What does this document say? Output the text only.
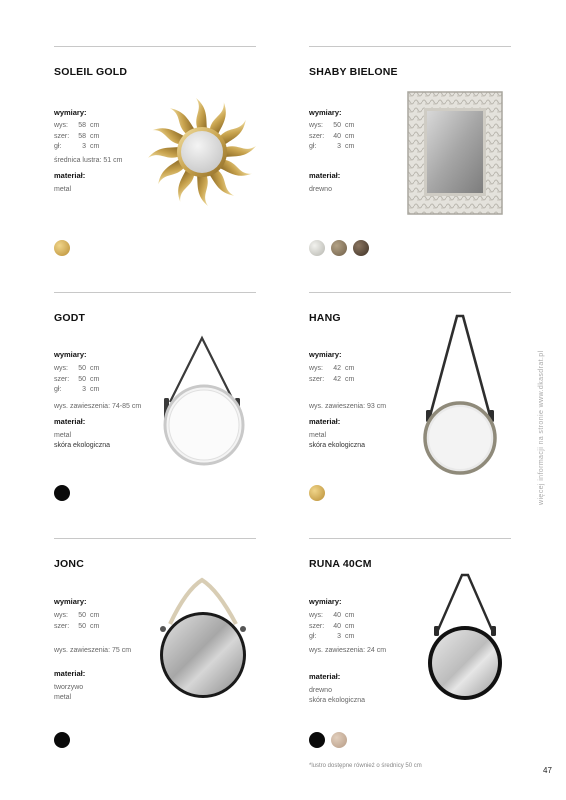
SOLEIL GOLD
wymiary:
wys: 58 cm
szer: 58 cm
gł:	3 cm
średnica lustra: 51 cm
materiał:
metal
SHABY BIELONE
wymiary:
wys: 50 cm
szer: 40 cm
gł:	3 cm
materiał:
drewno
GODT
wymiary:
wys: 50 cm
szer: 50 cm
gł:	3 cm
wys. zawieszenia: 74-85 cm
materiał:
metal
skóra ekologiczna
HANG
wymiary:
wys: 42 cm
szer: 42 cm
wys. zawieszenia: 93 cm
materiał:
metal
skóra ekologiczna
JONC
wymiary:
wys: 50 cm
szer: 50 cm
wys. zawieszenia: 75 cm
materiał:
tworzywo
metal
RUNA 40CM
wymiary:
wys: 40 cm
szer: 40 cm
gł:	3 cm
wys. zawieszenia: 24 cm
materiał:
drewno
skóra ekologiczna
więcej informacji na stronie www.dkasdrat.pl
*lustro dostępne również o średnicy 50 cm	47
